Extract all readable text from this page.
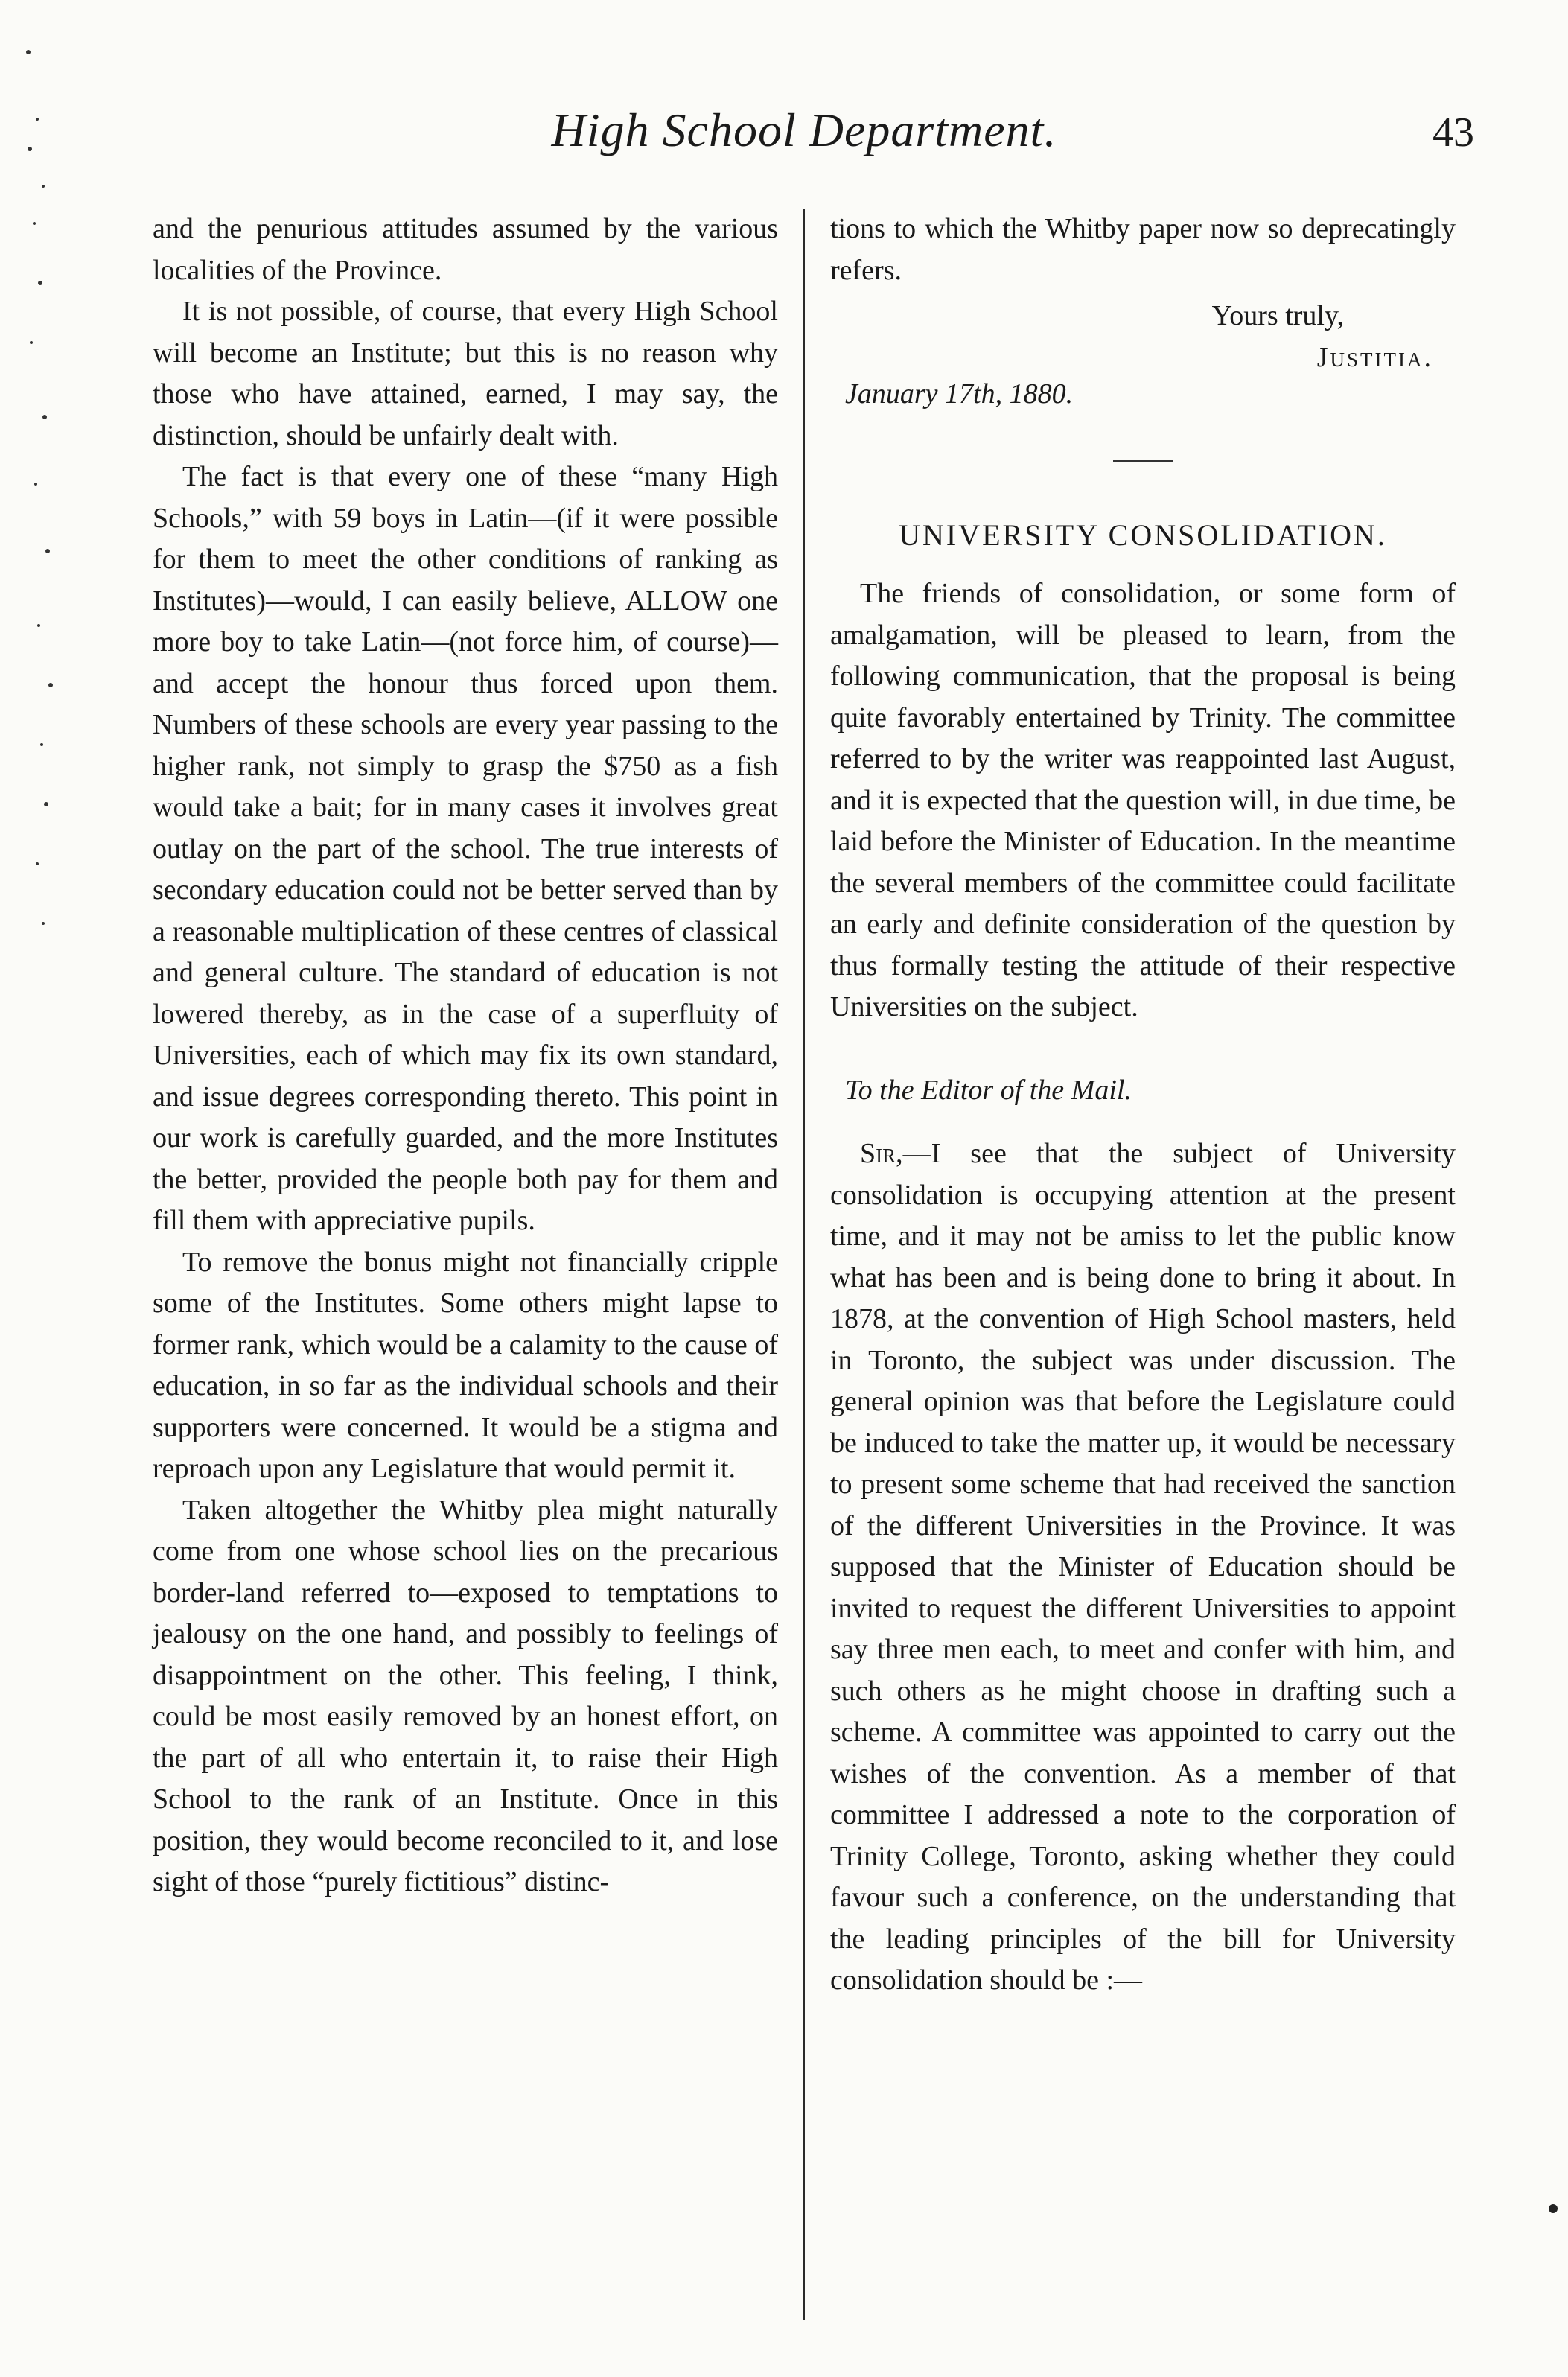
High School Department.	43

and the penurious attitudes assumed by the various localities of the Province.

It is not possible, of course, that every High School will become an Institute; but this is no reason why those who have attained, earned, I may say, the distinction, should be unfairly dealt with.

The fact is that every one of these “many High Schools,” with 59 boys in Latin—(if it were possible for them to meet the other conditions of ranking as Institutes)—would, I can easily believe, ALLOW one more boy to take Latin—(not force him, of course)—and accept the honour thus forced upon them. Numbers of these schools are every year passing to the higher rank, not simply to grasp the $750 as a fish would take a bait; for in many cases it involves great outlay on the part of the school. The true interests of secondary education could not be better served than by a reasonable multiplication of these centres of classical and general culture. The standard of education is not lowered thereby, as in the case of a superfluity of Universities, each of which may fix its own standard, and issue degrees corresponding thereto. This point in our work is carefully guarded, and the more Institutes the better, provided the people both pay for them and fill them with appreciative pupils.

To remove the bonus might not financially cripple some of the Institutes. Some others might lapse to former rank, which would be a calamity to the cause of education, in so far as the individual schools and their supporters were concerned. It would be a stigma and reproach upon any Legislature that would permit it.

Taken altogether the Whitby plea might naturally come from one whose school lies on the precarious border-land referred to—exposed to temptations to jealousy on the one hand, and possibly to feelings of disappointment on the other. This feeling, I think, could be most easily removed by an honest effort, on the part of all who entertain it, to raise their High School to the rank of an Institute. Once in this position, they would become reconciled to it, and lose sight of those “purely fictitious” distinc-

tions to which the Whitby paper now so deprecatingly refers.

Yours truly,
Justitia.

January 17th, 1880.

UNIVERSITY CONSOLIDATION.

The friends of consolidation, or some form of amalgamation, will be pleased to learn, from the following communication, that the proposal is being quite favorably entertained by Trinity. The committee referred to by the writer was reappointed last August, and it is expected that the question will, in due time, be laid before the Minister of Education. In the meantime the several members of the committee could facilitate an early and definite consideration of the question by thus formally testing the attitude of their respective Universities on the subject.

To the Editor of the Mail.

Sir,—I see that the subject of University consolidation is occupying attention at the present time, and it may not be amiss to let the public know what has been and is being done to bring it about. In 1878, at the convention of High School masters, held in Toronto, the subject was under discussion. The general opinion was that before the Legislature could be induced to take the matter up, it would be necessary to present some scheme that had received the sanction of the different Universities in the Province. It was supposed that the Minister of Education should be invited to request the different Universities to appoint say three men each, to meet and confer with him, and such others as he might choose in drafting such a scheme. A committee was appointed to carry out the wishes of the convention. As a member of that committee I addressed a note to the corporation of Trinity College, Toronto, asking whether they could favour such a conference, on the understanding that the leading principles of the bill for University consolidation should be :—
